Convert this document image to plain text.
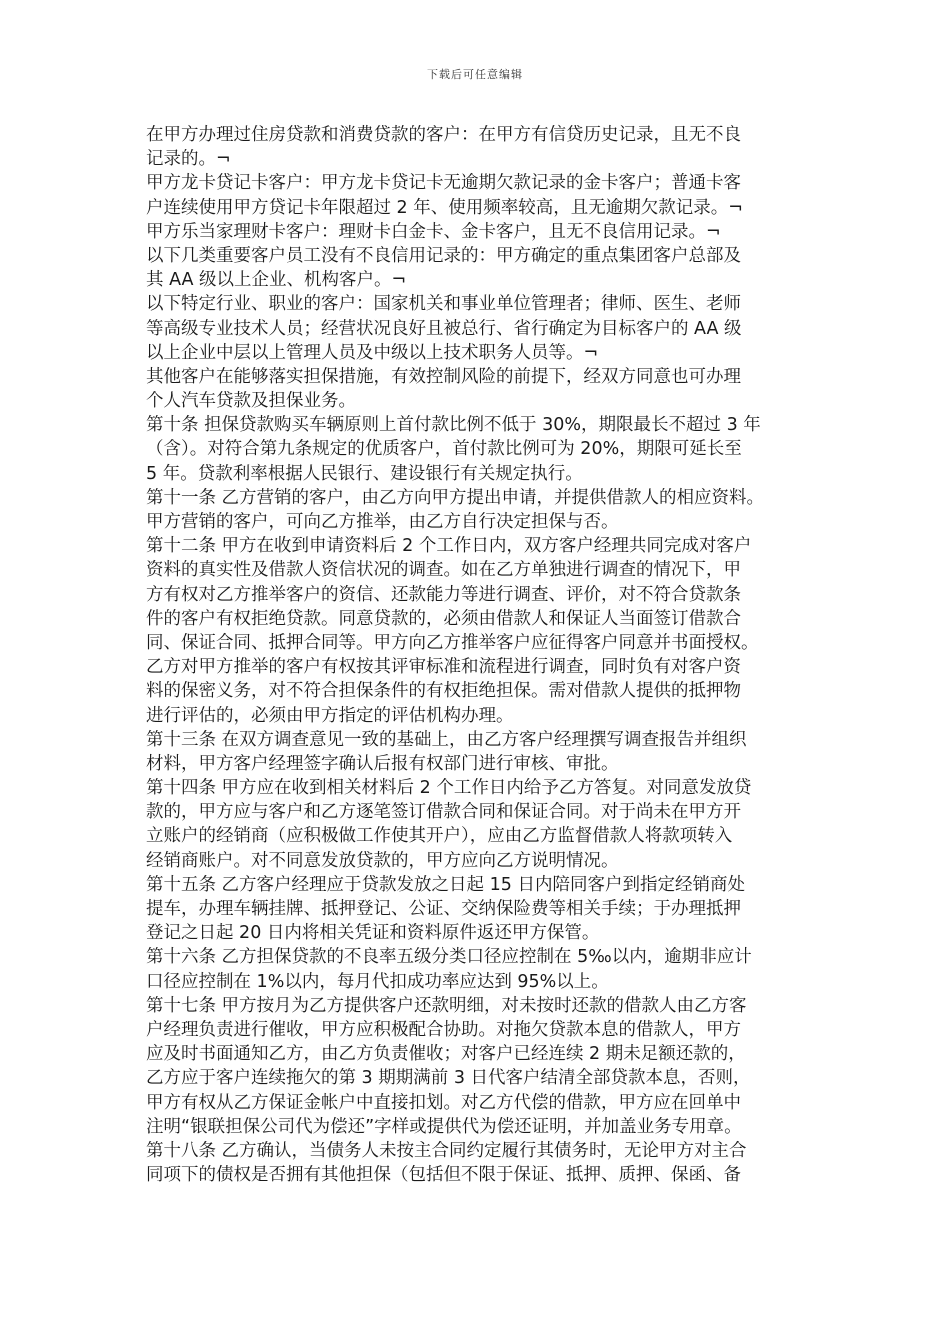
下载后可任意编辑
在甲方办理过住房贷款和消费贷款的客户：在甲方有信贷历史记录，且无不良
记录的。¬
甲方龙卡贷记卡客户：甲方龙卡贷记卡无逾期欠款记录的金卡客户；普通卡客
户连续使用甲方贷记卡年限超过 2 年、使用频率较高，且无逾期欠款记录。¬
甲方乐当家理财卡客户：理财卡白金卡、金卡客户，且无不良信用记录。¬
以下几类重要客户员工没有不良信用记录的：甲方确定的重点集团客户总部及
其 AA 级以上企业、机构客户。¬
以下特定行业、职业的客户：国家机关和事业单位管理者；律师、医生、老师
等高级专业技术人员；经营状况良好且被总行、省行确定为目标客户的 AA 级
以上企业中层以上管理人员及中级以上技术职务人员等。¬
其他客户在能够落实担保措施，有效控制风险的前提下，经双方同意也可办理
个人汽车贷款及担保业务。
第十条 担保贷款购买车辆原则上首付款比例不低于 30%，期限最长不超过 3 年
（含）。对符合第九条规定的优质客户，首付款比例可为 20%，期限可延长至
5 年。贷款利率根据人民银行、建设银行有关规定执行。
第十一条 乙方营销的客户，由乙方向甲方提出申请，并提供借款人的相应资料。
甲方营销的客户，可向乙方推举，由乙方自行决定担保与否。
第十二条 甲方在收到申请资料后 2 个工作日内，双方客户经理共同完成对客户
资料的真实性及借款人资信状况的调查。如在乙方单独进行调查的情况下，甲
方有权对乙方推举客户的资信、还款能力等进行调查、评价，对不符合贷款条
件的客户有权拒绝贷款。同意贷款的，必须由借款人和保证人当面签订借款合
同、保证合同、抵押合同等。甲方向乙方推举客户应征得客户同意并书面授权。
乙方对甲方推举的客户有权按其评审标准和流程进行调查，同时负有对客户资
料的保密义务，对不符合担保条件的有权拒绝担保。需对借款人提供的抵押物
进行评估的，必须由甲方指定的评估机构办理。
第十三条 在双方调查意见一致的基础上，由乙方客户经理撰写调查报告并组织
材料，甲方客户经理签字确认后报有权部门进行审核、审批。
第十四条 甲方应在收到相关材料后 2 个工作日内给予乙方答复。对同意发放贷
款的，甲方应与客户和乙方逐笔签订借款合同和保证合同。对于尚未在甲方开
立账户的经销商（应积极做工作使其开户），应由乙方监督借款人将款项转入
经销商账户。对不同意发放贷款的，甲方应向乙方说明情况。
第十五条 乙方客户经理应于贷款发放之日起 15 日内陪同客户到指定经销商处
提车，办理车辆挂牌、抵押登记、公证、交纳保险费等相关手续；于办理抵押
登记之日起 20 日内将相关凭证和资料原件返还甲方保管。
第十六条 乙方担保贷款的不良率五级分类口径应控制在 5‰以内，逾期非应计
口径应控制在 1%以内，每月代扣成功率应达到 95%以上。
第十七条 甲方按月为乙方提供客户还款明细，对未按时还款的借款人由乙方客
户经理负责进行催收，甲方应积极配合协助。对拖欠贷款本息的借款人，甲方
应及时书面通知乙方，由乙方负责催收；对客户已经连续 2 期未足额还款的，
乙方应于客户连续拖欠的第 3 期期满前 3 日代客户结清全部贷款本息，否则，
甲方有权从乙方保证金帐户中直接扣划。对乙方代偿的借款，甲方应在回单中
注明“银联担保公司代为偿还”字样或提供代为偿还证明，并加盖业务专用章。
第十八条 乙方确认，当债务人未按主合同约定履行其债务时，无论甲方对主合
同项下的债权是否拥有其他担保（包括但不限于保证、抵押、质押、保函、备
